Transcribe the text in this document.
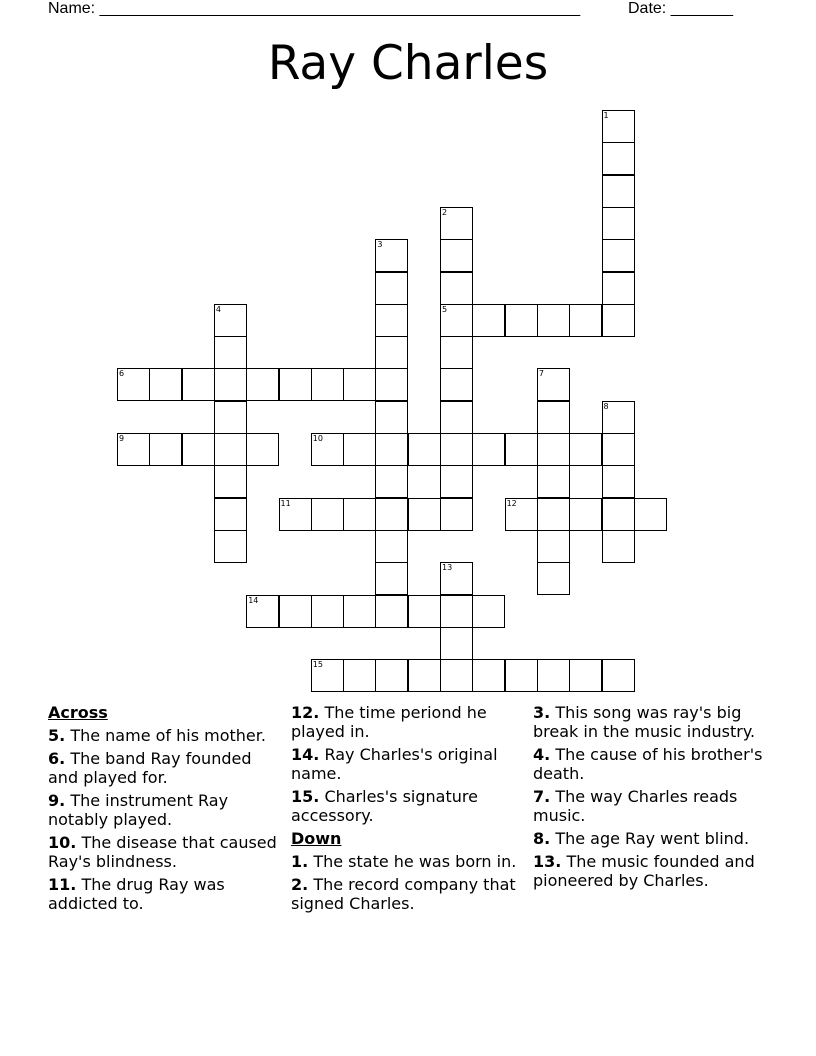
Name: ______________________________________________________	Date: _______
Ray Charles
5
6
9	10
11	12
14
15
1
2
3
4
7
8
13
Across
5. The name of his mother.
6. The band Ray founded and played for.
9. The instrument Ray notably played.
10. The disease that caused Ray's blindness.
11. The drug Ray was addicted to.
12. The time periond he played in.
14. Ray Charles's original name.
15. Charles's signature accessory.
Down
1. The state he was born in.
2. The record company that signed Charles.
3. This song was ray's big break in the music industry.
4. The cause of his brother's death.
7. The way Charles reads music.
8. The age Ray went blind.
13. The music founded and pioneered by Charles.
